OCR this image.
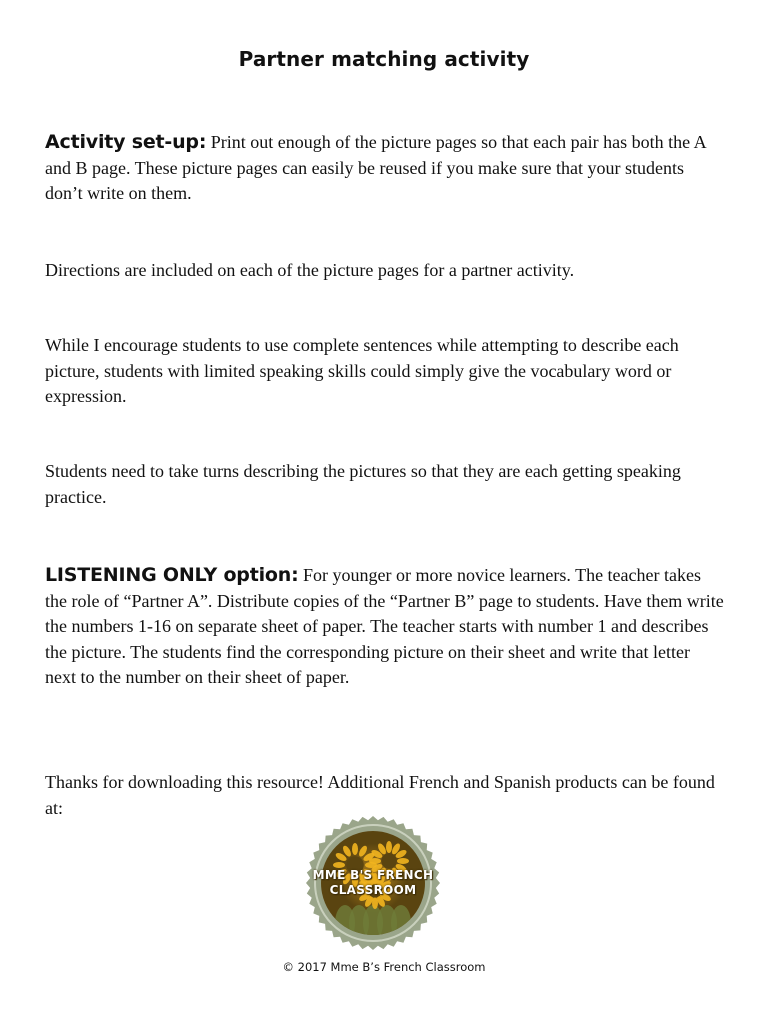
Partner matching activity

Activity set-up: Print out enough of the picture pages so that each pair has both the A and B page. These picture pages can easily be reused if you make sure that your students don’t write on them.

Directions are included on each of the picture pages for a partner activity.

While I encourage students to use complete sentences while attempting to describe each picture, students with limited speaking skills could simply give the vocabulary word or expression.

Students need to take turns describing the pictures so that they are each getting speaking practice.

LISTENING ONLY option: For younger or more novice learners. The teacher takes the role of “Partner A”. Distribute copies of the “Partner B” page to students. Have them write the numbers 1-16 on separate sheet of paper. The teacher starts with number 1 and describes the picture. The students find the corresponding picture on their sheet and write that letter next to the number on their sheet of paper.

Thanks for downloading this resource! Additional French and Spanish products can be found at:

MME B'S FRENCH
CLASSROOM

© 2017 Mme B’s French Classroom
